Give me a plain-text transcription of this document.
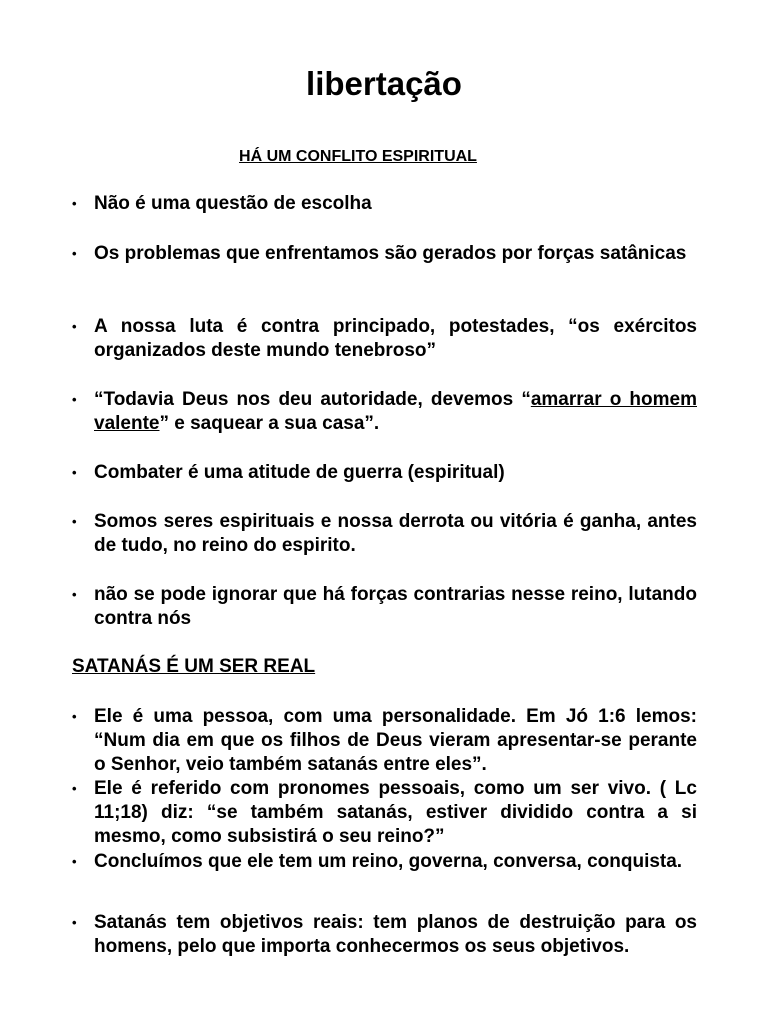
libertação
HÁ UM CONFLITO ESPIRITUAL
• Não é uma questão de escolha
• Os problemas que enfrentamos são gerados por forças satânicas
• A nossa luta é contra principado, potestades, “os exércitos organizados deste mundo tenebroso”
• “Todavia Deus nos deu autoridade, devemos “amarrar o homem valente” e saquear a sua casa”.
• Combater é uma atitude de guerra (espiritual)
• Somos seres espirituais e nossa derrota ou vitória é ganha, antes de tudo, no reino do espirito.
• não se pode ignorar que há forças contrarias nesse reino, lutando contra nós
SATANÁS É UM SER REAL
• Ele é uma pessoa, com uma personalidade. Em Jó 1:6 lemos: “Num dia em que os filhos de Deus vieram apresentar-se perante o Senhor, veio também satanás entre eles”.
• Ele é referido com pronomes pessoais, como um ser vivo. ( Lc 11;18) diz: “se também satanás, estiver dividido contra a si mesmo, como subsistirá o seu reino?”
• Concluímos que ele tem um reino, governa, conversa, conquista.
• Satanás tem objetivos reais: tem planos de destruição para os homens, pelo que importa conhecermos os seus objetivos.
